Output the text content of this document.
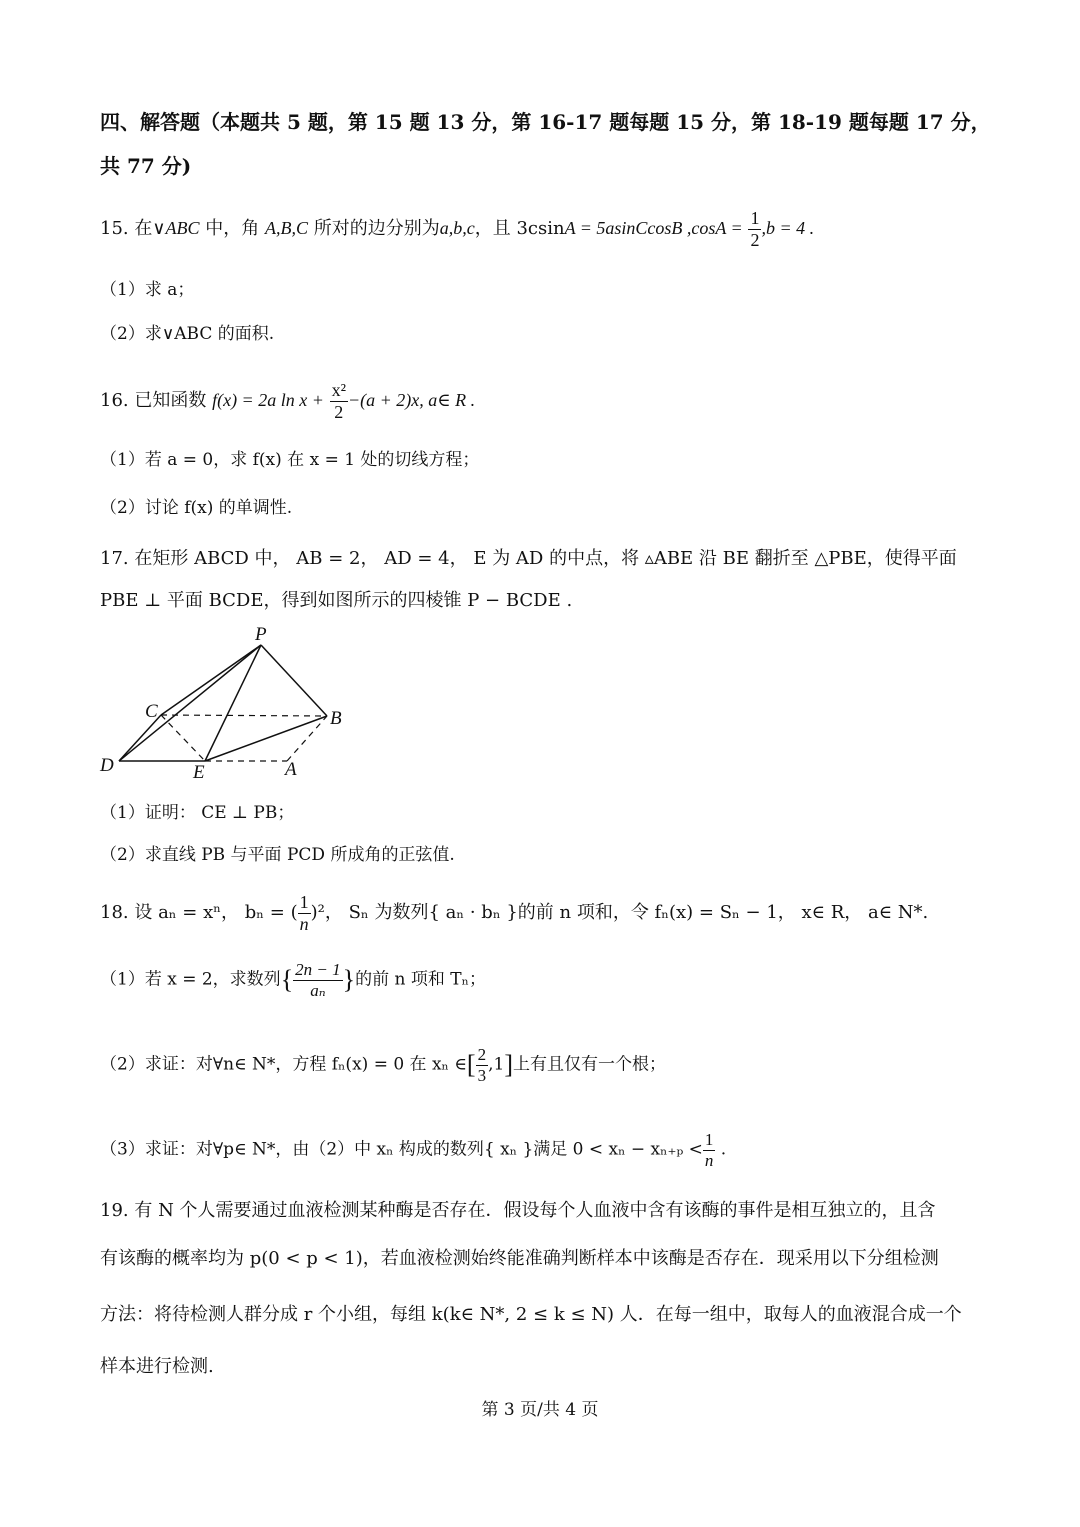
四、解答题（本题共 5 题，第 15 题 13 分，第 16-17 题每题 15 分，第 18-19 题每题 17 分，
共 77 分)
15. 在∨ABC 中，角 A,B,C 所对的边分别为a,b,c，且 3csinA = 5asinCcosB $,\cos A = \frac{1}{2} ,b = 4$ .
（1）求 a；
（2）求∨ABC 的面积.
16. 已知函数 f(x) = 2a $\ln x + \frac{\text{x²}}{2} -(a + 2)x$, a∈ R .
（1）若 a = 0，求 f(x) 在 x = 1 处的切线方程；
（2）讨论 f(x) 的单调性.
17. 在矩形 ABCD 中， AB = 2， AD = 4， E 为 AD 的中点，将 ▵ABE 沿 BE 翻折至 △PBE，使得平面
PBE ⊥ 平面 BCDE，得到如图所示的四棱锥 P − BCDE .
P
C	B
D	E	A
（1）证明： CE ⊥ PB；
（2）求直线 PB 与平面 PCD 所成角的正弦值.
18. 设 aₙ = xⁿ， bₙ = ( $\frac{1}{n} )^2$， Sₙ 为数列{ aₙ · bₙ }的前 n 项和，令 fₙ(x) = Sₙ − 1， x∈ R， a∈ N*.
（1）若 x = 2，求数列{ $\frac{2n - 1}{\text{aₙ}}$ }的前 n 项和 Tₙ；
（2）求证：对∀n∈ N*，方程 fₙ(x) = 0 在 xₙ ∈[ $\frac{2}{3} ,1$]上有且仅有一个根；
（3）求证：对∀p∈ N*，由（2）中 xₙ 构成的数列{ xₙ }满足 $0 < x_n - x_{n+p} < \frac{1}{n}$ .
19. 有 N 个人需要通过血液检测某种酶是否存在．假设每个人血液中含有该酶的事件是相互独立的，且含
有该酶的概率均为 p(0 < p < 1)，若血液检测始终能准确判断样本中该酶是否存在．现采用以下分组检测
方法：将待检测人群分成 r 个小组，每组 k(k∈ N*, 2 ≤ k ≤ N) 人．在每一组中，取每人的血液混合成一个
样本进行检测.
第 3 页/共 4 页
